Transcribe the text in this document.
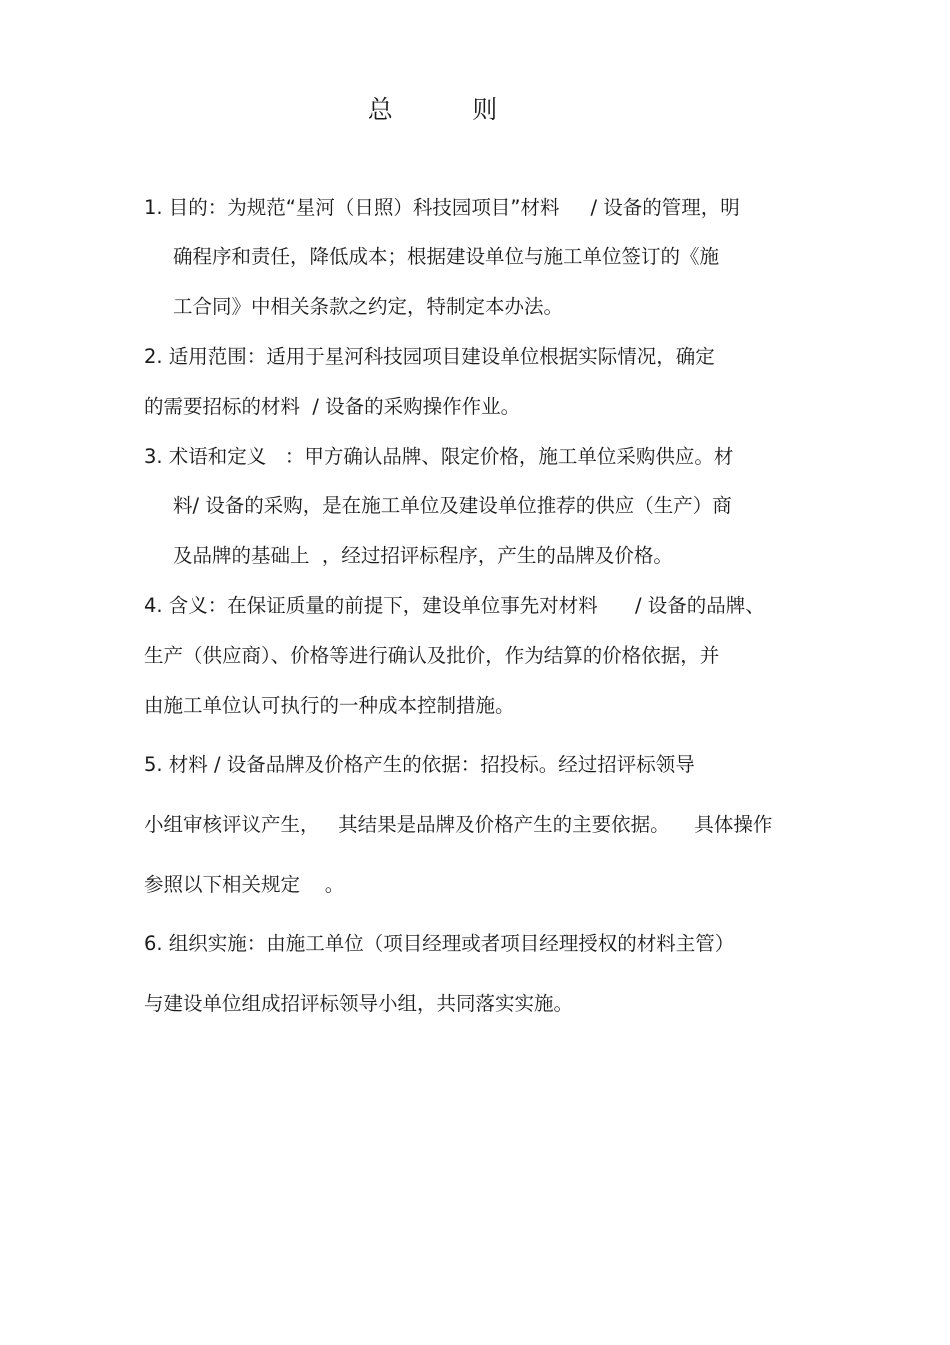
总          则
1. 目的：为规范“星河（日照）科技园项目”材料     / 设备的管理，明
确程序和责任，降低成本；根据建设单位与施工单位签订的《施
工合同》中相关条款之约定，特制定本办法。
2. 适用范围：适用于星河科技园项目建设单位根据实际情况，确定
的需要招标的材料  / 设备的采购操作作业。
3. 术语和定义   ：甲方确认品牌、限定价格，施工单位采购供应。材
料/ 设备的采购，是在施工单位及建设单位推荐的供应（生产）商
及品牌的基础上  ，经过招评标程序，产生的品牌及价格。
4. 含义：在保证质量的前提下，建设单位事先对材料      / 设备的品牌、
生产（供应商）、价格等进行确认及批价，作为结算的价格依据，并
由施工单位认可执行的一种成本控制措施。
5. 材料 / 设备品牌及价格产生的依据：招投标。经过招评标领导
小组审核评议产生，   其结果是品牌及价格产生的主要依据。    具体操作
参照以下相关规定    。
6. 组织实施：由施工单位（项目经理或者项目经理授权的材料主管）
与建设单位组成招评标领导小组，共同落实实施。
